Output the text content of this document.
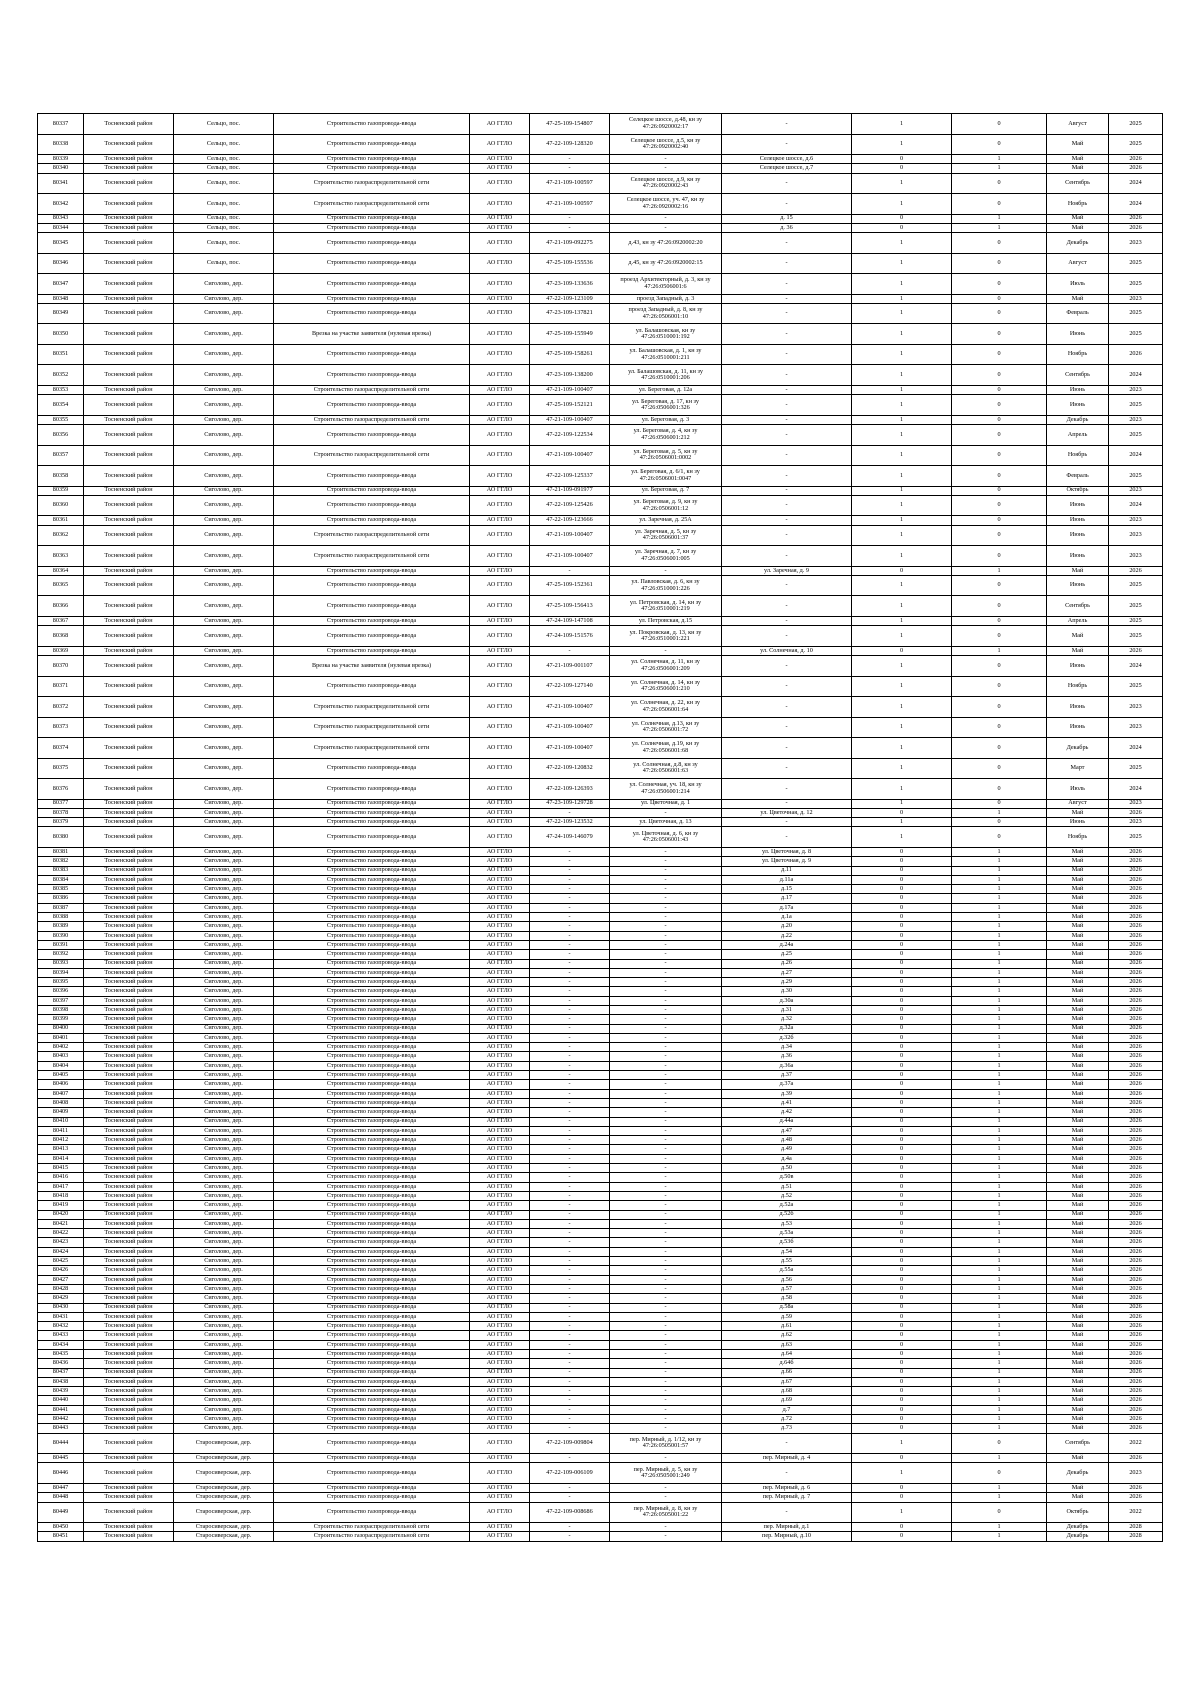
80337	Тосненский район	Сельцо, пос.	Строительство газопровода-ввода	АО ГГЛО	47-25-109-154807	Селецкое шоссе, д.48, кн зу 47:26:0920002:17	-	1	0	Август	2025
80338	Тосненский район	Сельцо, пос.	Строительство газопровода-ввода	АО ГГЛО	47-22-109-128320	Селецкое шоссе, д.5, кн зу 47:26:0920002:40	-	1	0	Май	2025
80339	Тосненский район	Сельцо, пос.	Строительство газопровода-ввода	АО ГГЛО	-	-	Селецкое шоссе, д.6	0	1	Май	2026
80340	Тосненский район	Сельцо, пос.	Строительство газопровода-ввода	АО ГГЛО	-	-	Селецкое шоссе, д.7	0	1	Май	2026
80341	Тосненский район	Сельцо, пос.	Строительство газораспределительной сети	АО ГГЛО	47-21-109-100597	Селецкое шоссе, д.9, кн зу 47:26:0920002:43	-	1	0	Сентябрь	2024
80342	Тосненский район	Сельцо, пос.	Строительство газораспределительной сети	АО ГГЛО	47-21-109-100597	Селецкое шоссе, уч. 47, кн зу 47:26:0920002:16	-	1	0	Ноябрь	2024
80343	Тосненский район	Сельцо, пос.	Строительство газопровода-ввода	АО ГГЛО	-	-	д. 15	0	1	Май	2026
80344	Тосненский район	Сельцо, пос.	Строительство газопровода-ввода	АО ГГЛО	-	-	д. 36	0	1	Май	2026
80345	Тосненский район	Сельцо, пос.	Строительство газопровода-ввода	АО ГГЛО	47-21-109-092275	д.43, кн зу 47:26:0920002:20	-	1	0	Декабрь	2023
80346	Тосненский район	Сельцо, пос.	Строительство газопровода-ввода	АО ГГЛО	47-25-109-155536	д.45, кн зу 47:26:0920002:15	-	1	0	Август	2025
80347	Тосненский район	Сиголово, дер.	Строительство газопровода-ввода	АО ГГЛО	47-23-109-133636	проезд Архитекторный, д. 3, кн зу 47:26:0506001:6	-	1	0	Июль	2025
80348	Тосненский район	Сиголово, дер.	Строительство газопровода-ввода	АО ГГЛО	47-22-109-123109	проезд Западный, д. 3	-	1	0	Май	2023
80349	Тосненский район	Сиголово, дер.	Строительство газопровода-ввода	АО ГГЛО	47-23-109-137821	проезд Западный, д. 8, кн зу 47:26:0506001:10	-	1	0	Февраль	2025
80350	Тосненский район	Сиголово, дер.	Врезка на участке заявителя (нулевая врезка)	АО ГГЛО	47-25-109-155949	ул. Балашовская, кн зу 47:26:0510001:192	-	1	0	Июнь	2025
80351	Тосненский район	Сиголово, дер.	Строительство газопровода-ввода	АО ГГЛО	47-25-109-158261	ул. Балашовская, д. 1, кн зу 47:26:0510001:211	-	1	0	Ноябрь	2026
80352	Тосненский район	Сиголово, дер.	Строительство газопровода-ввода	АО ГГЛО	47-23-109-138200	ул. Балашовская, д. 11, кн зу 47:26:0510001:206	-	1	0	Сентябрь	2024
80353	Тосненский район	Сиголово, дер.	Строительство газораспределительной сети	АО ГГЛО	47-21-109-100407	ул. Береговая, д. 12а	-	1	0	Июнь	2023
80354	Тосненский район	Сиголово, дер.	Строительство газопровода-ввода	АО ГГЛО	47-25-109-152121	ул. Береговая, д. 17, кн зу 47:26:0506001:326	-	1	0	Июнь	2025
80355	Тосненский район	Сиголово, дер.	Строительство газораспределительной сети	АО ГГЛО	47-21-109-100407	ул. Береговая, д. 3	-	1	0	Декабрь	2023
80356	Тосненский район	Сиголово, дер.	Строительство газопровода-ввода	АО ГГЛО	47-22-109-122534	ул. Береговая, д. 4, кн зу 47:26:0506001:212	-	1	0	Апрель	2025
80357	Тосненский район	Сиголово, дер.	Строительство газораспределительной сети	АО ГГЛО	47-21-109-100407	ул. Береговая, д. 5, кн зу 47:26:0506001:0002	-	1	0	Ноябрь	2024
80358	Тосненский район	Сиголово, дер.	Строительство газопровода-ввода	АО ГГЛО	47-22-109-125337	ул. Береговая, д. 6/1, кн зу 47:26:0506001:0047	-	1	0	Февраль	2025
80359	Тосненский район	Сиголово, дер.	Строительство газопровода-ввода	АО ГГЛО	47-21-109-091977	ул. Береговая, д. 7	-	1	0	Октябрь	2023
80360	Тосненский район	Сиголово, дер.	Строительство газопровода-ввода	АО ГГЛО	47-22-109-125426	ул. Береговая, д. 9, кн зу 47:26:0506001:12	-	1	0	Июнь	2024
80361	Тосненский район	Сиголово, дер.	Строительство газопровода-ввода	АО ГГЛО	47-22-109-123666	ул. Заречная, д. 25А	-	1	0	Июнь	2023
80362	Тосненский район	Сиголово, дер.	Строительство газораспределительной сети	АО ГГЛО	47-21-109-100407	ул. Заречная, д. 5, кн зу 47:26:0506001:37	-	1	0	Июнь	2023
80363	Тосненский район	Сиголово, дер.	Строительство газораспределительной сети	АО ГГЛО	47-21-109-100407	ул. Заречная, д. 7, кн зу 47:26:0506001:005	-	1	0	Июнь	2023
80364	Тосненский район	Сиголово, дер.	Строительство газопровода-ввода	АО ГГЛО	-	-	ул. Заречная, д. 9	0	1	Май	2026
80365	Тосненский район	Сиголово, дер.	Строительство газопровода-ввода	АО ГГЛО	47-25-109-152361	ул. Павловская, д. 6, кн зу 47:26:0510001:226	-	1	0	Июнь	2025
80366	Тосненский район	Сиголово, дер.	Строительство газопровода-ввода	АО ГГЛО	47-25-109-156413	ул. Петровская, д. 14, кн зу 47:26:0510001:219	-	1	0	Сентябрь	2025
80367	Тосненский район	Сиголово, дер.	Строительство газопровода-ввода	АО ГГЛО	47-24-109-147108	ул. Петровская, д.15	-	1	0	Апрель	2025
80368	Тосненский район	Сиголово, дер.	Строительство газопровода-ввода	АО ГГЛО	47-24-109-151576	ул. Покровская, д. 13, кн зу 47:26:0510001:221	-	1	0	Май	2025
80369	Тосненский район	Сиголово, дер.	Строительство газопровода-ввода	АО ГГЛО	-	-	ул. Солнечная, д. 10	0	1	Май	2026
80370	Тосненский район	Сиголово, дер.	Врезка на участке заявителя (нулевая врезка)	АО ГГЛО	47-21-109-001107	ул. Солнечная, д. 11, кн зу 47:26:0506001:209	-	1	0	Июнь	2024
80371	Тосненский район	Сиголово, дер.	Строительство газопровода-ввода	АО ГГЛО	47-22-109-127140	ул. Солнечная, д. 14, кн зу 47:26:0506001:210	-	1	0	Ноябрь	2025
80372	Тосненский район	Сиголово, дер.	Строительство газораспределительной сети	АО ГГЛО	47-21-109-100407	ул. Солнечная, д. 22, кн зу 47:26:0506001:64	-	1	0	Июнь	2023
80373	Тосненский район	Сиголово, дер.	Строительство газораспределительной сети	АО ГГЛО	47-21-109-100407	ул. Солнечная, д.13, кн зу 47:26:0506001:72	-	1	0	Июнь	2023
80374	Тосненский район	Сиголово, дер.	Строительство газораспределительной сети	АО ГГЛО	47-21-109-100407	ул. Солнечная, д.19, кн зу 47:26:0506001:68	-	1	0	Декабрь	2024
80375	Тосненский район	Сиголово, дер.	Строительство газопровода-ввода	АО ГГЛО	47-22-109-120832	ул. Солнечная, д.8, кн зу 47:26:0506001:63	-	1	0	Март	2025
80376	Тосненский район	Сиголово, дер.	Строительство газопровода-ввода	АО ГГЛО	47-22-109-126393	ул. Солнечная, уч. 18, кн зу 47:26:0506001:214	-	1	0	Июль	2024
80377	Тосненский район	Сиголово, дер.	Строительство газопровода-ввода	АО ГГЛО	47-23-109-129728	ул. Цветочная, д. 1	-	1	0	Август	2023
80378	Тосненский район	Сиголово, дер.	Строительство газопровода-ввода	АО ГГЛО	-	-	ул. Цветочная, д. 12	0	1	Май	2026
80379	Тосненский район	Сиголово, дер.	Строительство газопровода-ввода	АО ГГЛО	47-22-109-123532	ул. Цветочная, д. 13	-	1	0	Июнь	2023
80380	Тосненский район	Сиголово, дер.	Строительство газопровода-ввода	АО ГГЛО	47-24-109-146079	ул. Цветочная, д. 6, кн зу 47:26:0506001:43	-	1	0	Ноябрь	2025
80381	Тосненский район	Сиголово, дер.	Строительство газопровода-ввода	АО ГГЛО	-	-	ул. Цветочная, д. 8	0	1	Май	2026
80382	Тосненский район	Сиголово, дер.	Строительство газопровода-ввода	АО ГГЛО	-	-	ул. Цветочная, д. 9	0	1	Май	2026
80383	Тосненский район	Сиголово, дер.	Строительство газопровода-ввода	АО ГГЛО	-	-	д.11	0	1	Май	2026
80384	Тосненский район	Сиголово, дер.	Строительство газопровода-ввода	АО ГГЛО	-	-	д.11а	0	1	Май	2026
80385	Тосненский район	Сиголово, дер.	Строительство газопровода-ввода	АО ГГЛО	-	-	д.15	0	1	Май	2026
80386	Тосненский район	Сиголово, дер.	Строительство газопровода-ввода	АО ГГЛО	-	-	д.17	0	1	Май	2026
80387	Тосненский район	Сиголово, дер.	Строительство газопровода-ввода	АО ГГЛО	-	-	д.17а	0	1	Май	2026
80388	Тосненский район	Сиголово, дер.	Строительство газопровода-ввода	АО ГГЛО	-	-	д.1а	0	1	Май	2026
80389	Тосненский район	Сиголово, дер.	Строительство газопровода-ввода	АО ГГЛО	-	-	д.20	0	1	Май	2026
80390	Тосненский район	Сиголово, дер.	Строительство газопровода-ввода	АО ГГЛО	-	-	д.22	0	1	Май	2026
80391	Тосненский район	Сиголово, дер.	Строительство газопровода-ввода	АО ГГЛО	-	-	д.24а	0	1	Май	2026
80392	Тосненский район	Сиголово, дер.	Строительство газопровода-ввода	АО ГГЛО	-	-	д.25	0	1	Май	2026
80393	Тосненский район	Сиголово, дер.	Строительство газопровода-ввода	АО ГГЛО	-	-	д.26	0	1	Май	2026
80394	Тосненский район	Сиголово, дер.	Строительство газопровода-ввода	АО ГГЛО	-	-	д.27	0	1	Май	2026
80395	Тосненский район	Сиголово, дер.	Строительство газопровода-ввода	АО ГГЛО	-	-	д.29	0	1	Май	2026
80396	Тосненский район	Сиголово, дер.	Строительство газопровода-ввода	АО ГГЛО	-	-	д.30	0	1	Май	2026
80397	Тосненский район	Сиголово, дер.	Строительство газопровода-ввода	АО ГГЛО	-	-	д.30а	0	1	Май	2026
80398	Тосненский район	Сиголово, дер.	Строительство газопровода-ввода	АО ГГЛО	-	-	д.31	0	1	Май	2026
80399	Тосненский район	Сиголово, дер.	Строительство газопровода-ввода	АО ГГЛО	-	-	д.32	0	1	Май	2026
80400	Тосненский район	Сиголово, дер.	Строительство газопровода-ввода	АО ГГЛО	-	-	д.32а	0	1	Май	2026
80401	Тосненский район	Сиголово, дер.	Строительство газопровода-ввода	АО ГГЛО	-	-	д.32б	0	1	Май	2026
80402	Тосненский район	Сиголово, дер.	Строительство газопровода-ввода	АО ГГЛО	-	-	д.34	0	1	Май	2026
80403	Тосненский район	Сиголово, дер.	Строительство газопровода-ввода	АО ГГЛО	-	-	д.36	0	1	Май	2026
80404	Тосненский район	Сиголово, дер.	Строительство газопровода-ввода	АО ГГЛО	-	-	д.36а	0	1	Май	2026
80405	Тосненский район	Сиголово, дер.	Строительство газопровода-ввода	АО ГГЛО	-	-	д.37	0	1	Май	2026
80406	Тосненский район	Сиголово, дер.	Строительство газопровода-ввода	АО ГГЛО	-	-	д.37а	0	1	Май	2026
80407	Тосненский район	Сиголово, дер.	Строительство газопровода-ввода	АО ГГЛО	-	-	д.39	0	1	Май	2026
80408	Тосненский район	Сиголово, дер.	Строительство газопровода-ввода	АО ГГЛО	-	-	д.41	0	1	Май	2026
80409	Тосненский район	Сиголово, дер.	Строительство газопровода-ввода	АО ГГЛО	-	-	д.42	0	1	Май	2026
80410	Тосненский район	Сиголово, дер.	Строительство газопровода-ввода	АО ГГЛО	-	-	д.44а	0	1	Май	2026
80411	Тосненский район	Сиголово, дер.	Строительство газопровода-ввода	АО ГГЛО	-	-	д.47	0	1	Май	2026
80412	Тосненский район	Сиголово, дер.	Строительство газопровода-ввода	АО ГГЛО	-	-	д.48	0	1	Май	2026
80413	Тосненский район	Сиголово, дер.	Строительство газопровода-ввода	АО ГГЛО	-	-	д.49	0	1	Май	2026
80414	Тосненский район	Сиголово, дер.	Строительство газопровода-ввода	АО ГГЛО	-	-	д.4а	0	1	Май	2026
80415	Тосненский район	Сиголово, дер.	Строительство газопровода-ввода	АО ГГЛО	-	-	д.50	0	1	Май	2026
80416	Тосненский район	Сиголово, дер.	Строительство газопровода-ввода	АО ГГЛО	-	-	д.50в	0	1	Май	2026
80417	Тосненский район	Сиголово, дер.	Строительство газопровода-ввода	АО ГГЛО	-	-	д.51	0	1	Май	2026
80418	Тосненский район	Сиголово, дер.	Строительство газопровода-ввода	АО ГГЛО	-	-	д.52	0	1	Май	2026
80419	Тосненский район	Сиголово, дер.	Строительство газопровода-ввода	АО ГГЛО	-	-	д.52а	0	1	Май	2026
80420	Тосненский район	Сиголово, дер.	Строительство газопровода-ввода	АО ГГЛО	-	-	д.52б	0	1	Май	2026
80421	Тосненский район	Сиголово, дер.	Строительство газопровода-ввода	АО ГГЛО	-	-	д.53	0	1	Май	2026
80422	Тосненский район	Сиголово, дер.	Строительство газопровода-ввода	АО ГГЛО	-	-	д.53а	0	1	Май	2026
80423	Тосненский район	Сиголово, дер.	Строительство газопровода-ввода	АО ГГЛО	-	-	д.53б	0	1	Май	2026
80424	Тосненский район	Сиголово, дер.	Строительство газопровода-ввода	АО ГГЛО	-	-	д.54	0	1	Май	2026
80425	Тосненский район	Сиголово, дер.	Строительство газопровода-ввода	АО ГГЛО	-	-	д.55	0	1	Май	2026
80426	Тосненский район	Сиголово, дер.	Строительство газопровода-ввода	АО ГГЛО	-	-	д.55а	0	1	Май	2026
80427	Тосненский район	Сиголово, дер.	Строительство газопровода-ввода	АО ГГЛО	-	-	д.56	0	1	Май	2026
80428	Тосненский район	Сиголово, дер.	Строительство газопровода-ввода	АО ГГЛО	-	-	д.57	0	1	Май	2026
80429	Тосненский район	Сиголово, дер.	Строительство газопровода-ввода	АО ГГЛО	-	-	д.58	0	1	Май	2026
80430	Тосненский район	Сиголово, дер.	Строительство газопровода-ввода	АО ГГЛО	-	-	д.58а	0	1	Май	2026
80431	Тосненский район	Сиголово, дер.	Строительство газопровода-ввода	АО ГГЛО	-	-	д.59	0	1	Май	2026
80432	Тосненский район	Сиголово, дер.	Строительство газопровода-ввода	АО ГГЛО	-	-	д.61	0	1	Май	2026
80433	Тосненский район	Сиголово, дер.	Строительство газопровода-ввода	АО ГГЛО	-	-	д.62	0	1	Май	2026
80434	Тосненский район	Сиголово, дер.	Строительство газопровода-ввода	АО ГГЛО	-	-	д.63	0	1	Май	2026
80435	Тосненский район	Сиголово, дер.	Строительство газопровода-ввода	АО ГГЛО	-	-	д.64	0	1	Май	2026
80436	Тосненский район	Сиголово, дер.	Строительство газопровода-ввода	АО ГГЛО	-	-	д.64б	0	1	Май	2026
80437	Тосненский район	Сиголово, дер.	Строительство газопровода-ввода	АО ГГЛО	-	-	д.66	0	1	Май	2026
80438	Тосненский район	Сиголово, дер.	Строительство газопровода-ввода	АО ГГЛО	-	-	д.67	0	1	Май	2026
80439	Тосненский район	Сиголово, дер.	Строительство газопровода-ввода	АО ГГЛО	-	-	д.68	0	1	Май	2026
80440	Тосненский район	Сиголово, дер.	Строительство газопровода-ввода	АО ГГЛО	-	-	д.69	0	1	Май	2026
80441	Тосненский район	Сиголово, дер.	Строительство газопровода-ввода	АО ГГЛО	-	-	д.7	0	1	Май	2026
80442	Тосненский район	Сиголово, дер.	Строительство газопровода-ввода	АО ГГЛО	-	-	д.72	0	1	Май	2026
80443	Тосненский район	Сиголово, дер.	Строительство газопровода-ввода	АО ГГЛО	-	-	д.73	0	1	Май	2026
80444	Тосненский район	Старосиверская, дер.	Строительство газопровода-ввода	АО ГГЛО	47-22-109-009804	пер. Мирный, д. 1/12, кн зу 47:26:0505001:57	-	1	0	Сентябрь	2022
80445	Тосненский район	Старосиверская, дер.	Строительство газопровода-ввода	АО ГГЛО	-	-	пер. Мирный, д. 4	0	1	Май	2026
80446	Тосненский район	Старосиверская, дер.	Строительство газопровода-ввода	АО ГГЛО	47-22-109-006109	пер. Мирный, д. 5, кн зу 47:26:0505001:249	-	1	0	Декабрь	2023
80447	Тосненский район	Старосиверская, дер.	Строительство газопровода-ввода	АО ГГЛО	-	-	пер. Мирный, д. 6	0	1	Май	2026
80448	Тосненский район	Старосиверская, дер.	Строительство газопровода-ввода	АО ГГЛО	-	-	пер. Мирный, д. 7	0	1	Май	2026
80449	Тосненский район	Старосиверская, дер.	Строительство газопровода-ввода	АО ГГЛО	47-22-109-008686	пер. Мирный, д. 8, кн зу 47:26:0505001:22	-	1	0	Октябрь	2022
80450	Тосненский район	Старосиверская, дер.	Строительство газораспределительной сети	АО ГГЛО	-	-	пер. Мирный, д.1	0	1	Декабрь	2028
80451	Тосненский район	Старосиверская, дер.	Строительство газораспределительной сети	АО ГГЛО	-	-	пер. Мирный, д.10	0	1	Декабрь	2028
